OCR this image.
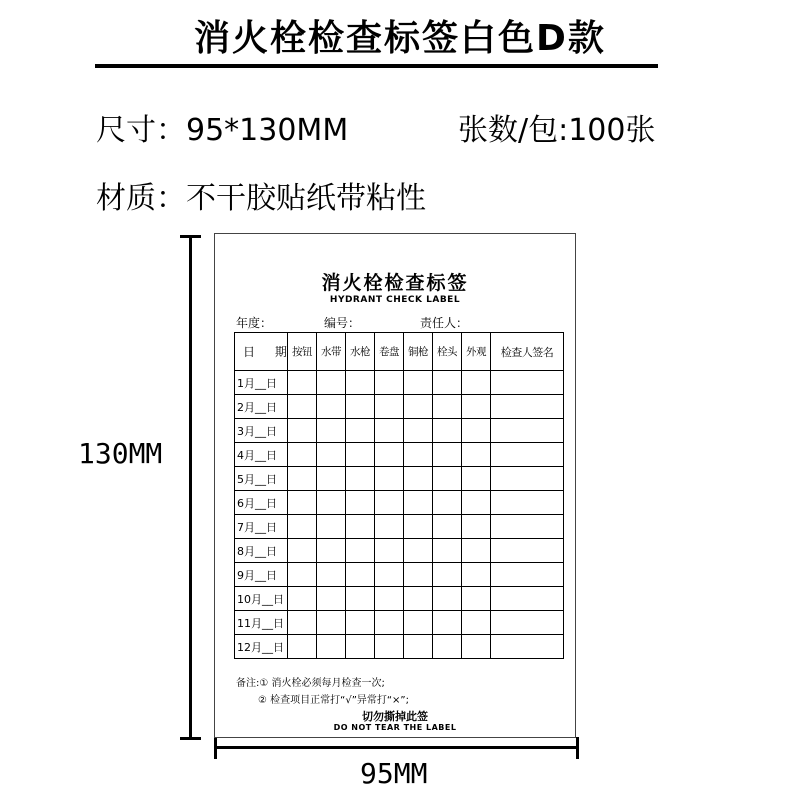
消火栓检查标签白色D款
尺寸：95*130MM	张数/包:100张
材质：不干胶贴纸带粘性
130MM
95MM
消火栓检查标签
HYDRANT CHECK LABEL
年度：	编号：	责任人：
日 期	按钮	水带	水枪	卷盘	铜枪	栓头	外观	检查人签名
1月__日								
2月__日								
3月__日								
4月__日								
5月__日								
6月__日								
7月__日								
8月__日								
9月__日								
10月__日								
11月__日								
12月__日								
备注:① 消火栓必须每月检查一次;
② 检查项目正常打“√”异常打“×”;
切勿撕掉此签
DO NOT TEAR THE LABEL
